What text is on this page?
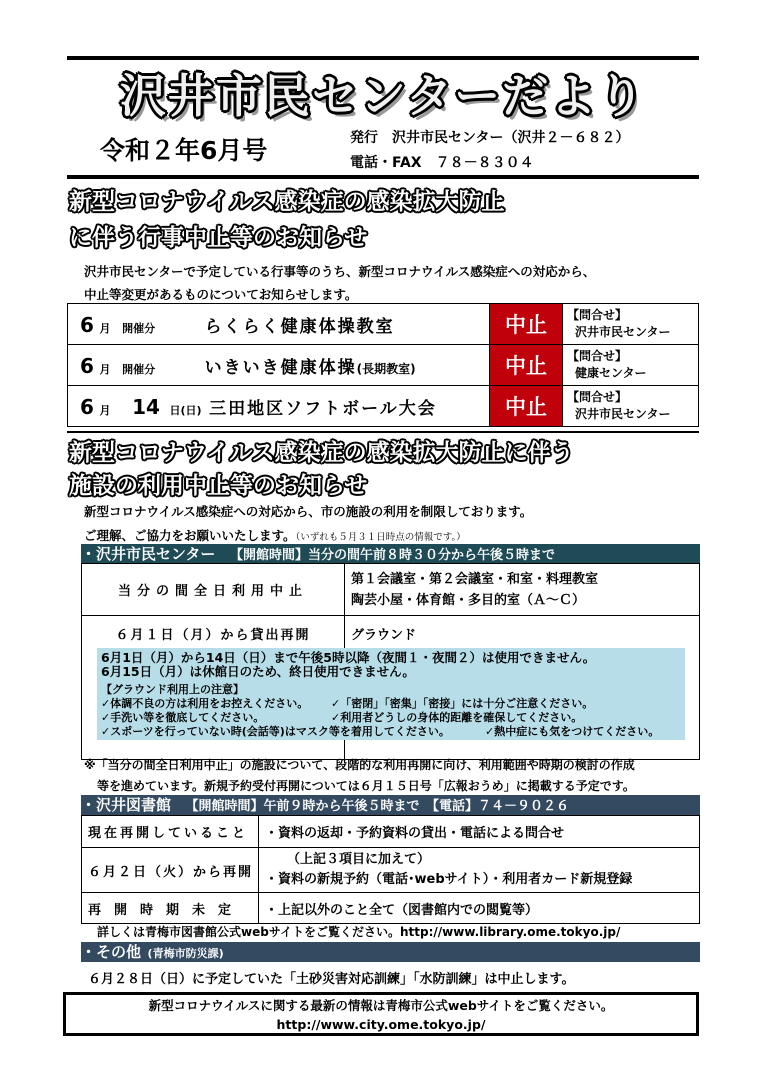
沢井市民センターだより
令和２年6月号	発行　沢井市民センター（沢井２－６８２）
電話・FAX　７８－８３０４
新型コロナウイルス感染症の感染拡大防止
に伴う行事中止等のお知らせ
沢井市民センターで予定している行事等のうち、新型コロナウイルス感染症への対応から、
中止等変更があるものについてお知らせします。
6 月 開催分 らくらく健康体操教室	中止	【問合せ】
沢井市民センター

6 月 開催分 いきいき健康体操(長期教室)	中止	【問合せ】
健康センター

6 月 14 日(日) 三田地区ソフトボール大会	中止	【問合せ】
沢井市民センター
新型コロナウイルス感染症の感染拡大防止に伴う
施設の利用中止等のお知らせ
新型コロナウイルス感染症への対応から、市の施設の利用を制限しております。
ご理解、ご協力をお願いいたします。（いずれも５月３１日時点の情報です。）
・沢井市民センター 【開館時間】当分の間午前８時３０分から午後５時まで
当分の間全日利用中止	第１会議室・第２会議室・和室・料理教室
陶芸小屋・体育館・多目的室（Ａ～Ｃ）

６月１日（月）から貸出再開	グラウンド
6月1日（月）から14日（日）まで午後5時以降（夜間１・夜間２）は使用できません。
6月15日（月）は休館日のため、終日使用できません。
【グラウンド利用上の注意】
✓体調不良の方は利用をお控えください。 ✓「密閉」「密集」「密接」には十分ご注意ください。
✓手洗い等を徹底してください。	✓利用者どうしの身体的距離を確保してください。
✓スポーツを行っていない時(会話等)はマスク等を着用してください。	✓熱中症にも気をつけてください。
※「当分の間全日利用中止」の施設について、段階的な利用再開に向け、利用範囲や時期の検討の作成
等を進めています。新規予約受付再開については６月１５日号「広報おうめ」に掲載する予定です。
・沢井図書館 【開館時間】午前９時から午後５時まで　【電話】７４－９０２６
現在再開していること	・資料の返却・予約資料の貸出・電話による問合せ
６月２日（火）から再開	（上記３項目に加えて）
・資料の新規予約（電話･webサイト）・利用者カード新規登録

再開時期未定	・上記以外のこと全て（図書館内での閲覧等）
詳しくは青梅市図書館公式webサイトをご覧ください。http://www.library.ome.tokyo.jp/
・その他 (青梅市防災課)
６月２８日（日）に予定していた「土砂災害対応訓練」「水防訓練」は中止します。
新型コロナウイルスに関する最新の情報は青梅市公式webサイトをご覧ください。
http://www.city.ome.tokyo.jp/
